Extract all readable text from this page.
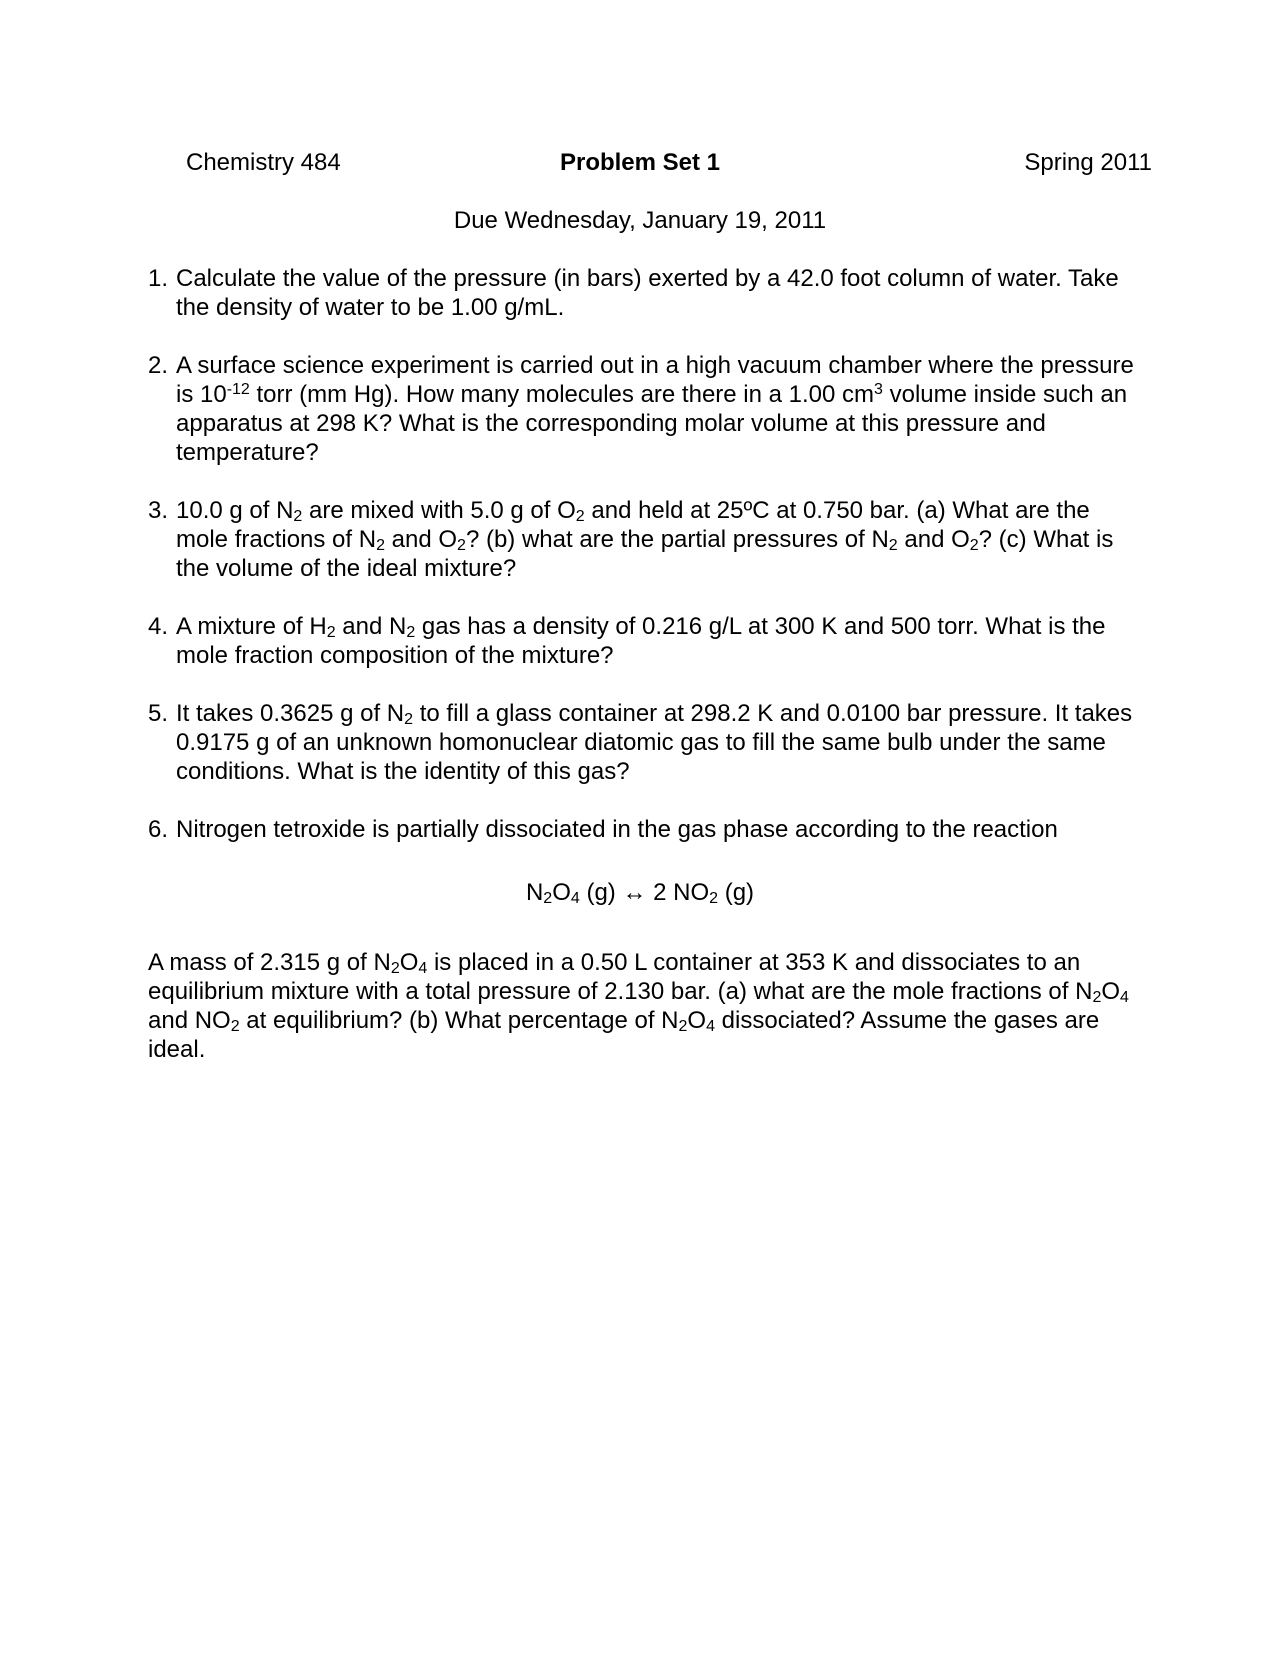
Chemistry 484	Problem Set 1	Spring 2011
Due Wednesday, January 19, 2011
1. Calculate the value of the pressure (in bars) exerted by a 42.0 foot column of water. Take the density of water to be 1.00 g/mL.
2. A surface science experiment is carried out in a high vacuum chamber where the pressure is $10^{-12}$ torr (mm Hg). How many molecules are there in a 1.00 $cm^3$ volume inside such an apparatus at 298 K? What is the corresponding molar volume at this pressure and temperature?
3. 10.0 g of $N_2$ are mixed with 5.0 g of $O_2$ and held at 25ºC at 0.750 bar. (a) What are the mole fractions of $N_2$ and $O_2$? (b) what are the partial pressures of $N_2$ and $O_2$? (c) What is the volume of the ideal mixture?
4. A mixture of $H_2$ and $N_2$ gas has a density of 0.216 g/L at 300 K and 500 torr. What is the mole fraction composition of the mixture?
5. It takes 0.3625 g of $N_2$ to fill a glass container at 298.2 K and 0.0100 bar pressure. It takes 0.9175 g of an unknown homonuclear diatomic gas to fill the same bulb under the same conditions. What is the identity of this gas?
6. Nitrogen tetroxide is partially dissociated in the gas phase according to the reaction
$N_2O_4$ (g) ↔ 2 $NO_2$ (g)
A mass of 2.315 g of $N_2O_4$ is placed in a 0.50 L container at 353 K and dissociates to an equilibrium mixture with a total pressure of 2.130 bar. (a) what are the mole fractions of $N_2O_4$ and $NO_2$ at equilibrium? (b) What percentage of $N_2O_4$ dissociated? Assume the gases are ideal.
